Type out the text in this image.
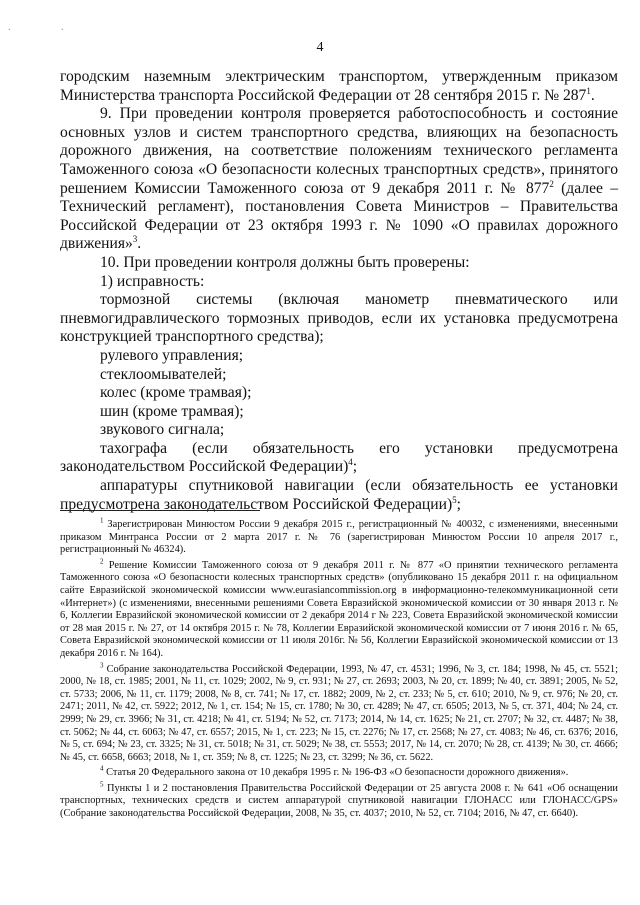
. .
4

городским наземным электрическим транспортом, утвержденным приказом Министерства транспорта Российской Федерации от 28 сентября 2015 г. № $287^1$.

9. При проведении контроля проверяется работоспособность и состояние основных узлов и систем транспортного средства, влияющих на безопасность дорожного движения, на соответствие положениям технического регламента Таможенного союза «О безопасности колесных транспортных средств», принятого решением Комиссии Таможенного союза от 9 декабря 2011 г. № $877^2$ (далее – Технический регламент), постановления Совета Министров – Правительства Российской Федерации от 23 октября 1993 г. № 1090 «О правилах дорожного движения»$^3$.

10. При проведении контроля должны быть проверены:

1) исправность:

тормозной системы (включая манометр пневматического или пневмогидравлического тормозных приводов, если их установка предусмотрена конструкцией транспортного средства);

рулевого управления;

стеклоомывателей;

колес (кроме трамвая);

шин (кроме трамвая);

звукового сигнала;

тахографа (если обязательность его установки предусмотрена законодательством Российской Федерации)$^4$;

аппаратуры спутниковой навигации (если обязательность ее установки предусмотрена законодательством Российской Федерации)$^5$;

$^1$ Зарегистрирован Минюстом России 9 декабря 2015 г., регистрационный № 40032, с изменениями, внесенными приказом Минтранса России от 2 марта 2017 г. № 76 (зарегистрирован Минюстом России 10 апреля 2017 г., регистрационный № 46324).

$^2$ Решение Комиссии Таможенного союза от 9 декабря 2011 г. № 877 «О принятии технического регламента Таможенного союза «О безопасности колесных транспортных средств» (опубликовано 15 декабря 2011 г. на официальном сайте Евразийской экономической комиссии www.eurasiancommission.org в информационно-телекоммуникационной сети «Интернет») (с изменениями, внесенными решениями Совета Евразийской экономической комиссии от 30 января 2013 г. № 6, Коллегии Евразийской экономической комиссии от 2 декабря 2014 г № 223, Совета Евразийской экономической комиссии от 28 мая 2015 г. № 27, от 14 октября 2015 г. № 78, Коллегии Евразийской экономической комиссии от 7 июня 2016 г. № 65, Совета Евразийской экономической комиссии от 11 июля 2016г. № 56, Коллегии Евразийской экономической комиссии от 13 декабря 2016 г. № 164).

$^3$ Собрание законодательства Российской Федерации, 1993, № 47, ст. 4531; 1996, № 3, ст. 184; 1998, № 45, ст. 5521; 2000, № 18, ст. 1985; 2001, № 11, ст. 1029; 2002, № 9, ст. 931; № 27, ст. 2693; 2003, № 20, ст. 1899; № 40, ст. 3891; 2005, № 52, ст. 5733; 2006, № 11, ст. 1179; 2008, № 8, ст. 741; № 17, ст. 1882; 2009, № 2, ст. 233; № 5, ст. 610; 2010, № 9, ст. 976; № 20, ст. 2471; 2011, № 42, ст. 5922; 2012, № 1, ст. 154; № 15, ст. 1780; № 30, ст. 4289; № 47, ст. 6505; 2013, № 5, ст. 371, 404; № 24, ст. 2999; № 29, ст. 3966; № 31, ст. 4218; № 41, ст. 5194; № 52, ст. 7173; 2014, № 14, ст. 1625; № 21, ст. 2707; № 32, ст. 4487; № 38, ст. 5062; № 44, ст. 6063; № 47, ст. 6557; 2015, № 1, ст. 223; № 15, ст. 2276; № 17, ст. 2568; № 27, ст. 4083; № 46, ст. 6376; 2016, № 5, ст. 694; № 23, ст. 3325; № 31, ст. 5018; № 31, ст. 5029; № 38, ст. 5553; 2017, № 14, ст. 2070; № 28, ст. 4139; № 30, ст. 4666; № 45, ст. 6658, 6663; 2018, № 1, ст. 359; № 8, ст. 1225; № 23, ст. 3299; № 36, ст. 5622.

$^4$ Статья 20 Федерального закона от 10 декабря 1995 г. № 196-ФЗ «О безопасности дорожного движения».

$^5$ Пункты 1 и 2 постановления Правительства Российской Федерации от 25 августа 2008 г. № 641 «Об оснащении транспортных, технических средств и систем аппаратурой спутниковой навигации ГЛОНАСС или ГЛОНАСС/GPS» (Собрание законодательства Российской Федерации, 2008, № 35, ст. 4037; 2010, № 52, ст. 7104; 2016, № 47, ст. 6640).
